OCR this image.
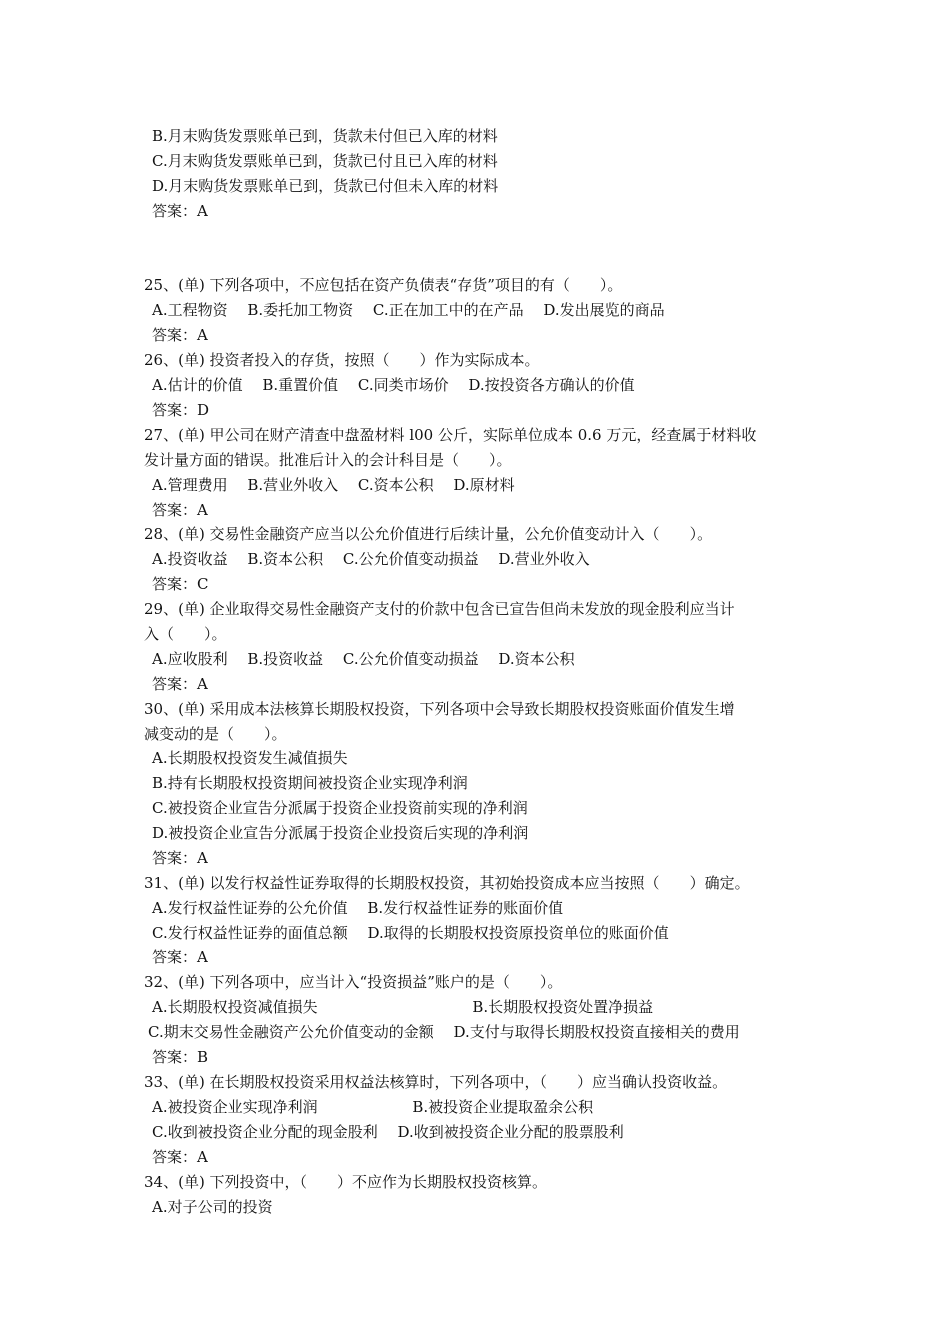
B.月末购货发票账单已到，货款未付但已入库的材料
C.月末购货发票账单已到，货款已付且已入库的材料
D.月末购货发票账单已到，货款已付但未入库的材料
答案：A
25、(单) 下列各项中，不应包括在资产负债表“存货”项目的有（　　）。
A.工程物资　 B.委托加工物资　 C.正在加工中的在产品　 D.发出展览的商品
答案：A
26、(单) 投资者投入的存货，按照（　　）作为实际成本。
A.估计的价值　 B.重置价值　 C.同类市场价　 D.按投资各方确认的价值
答案：D
27、(单) 甲公司在财产清查中盘盈材料 l00 公斤，实际单位成本 0.6 万元，经查属于材料收
发计量方面的错误。批准后计入的会计科目是（　　）。
A.管理费用　 B.营业外收入　 C.资本公积　 D.原材料
答案：A
28、(单) 交易性金融资产应当以公允价值进行后续计量，公允价值变动计入（　　）。
A.投资收益　 B.资本公积　 C.公允价值变动损益　 D.营业外收入
答案：C
29、(单) 企业取得交易性金融资产支付的价款中包含已宣告但尚未发放的现金股利应当计
入（　　）。
A.应收股利　 B.投资收益　 C.公允价值变动损益　 D.资本公积
答案：A
30、(单) 采用成本法核算长期股权投资，下列各项中会导致长期股权投资账面价值发生增
减变动的是（　　）。
A.长期股权投资发生减值损失
B.持有长期股权投资期间被投资企业实现净利润
C.被投资企业宣告分派属于投资企业投资前实现的净利润
D.被投资企业宣告分派属于投资企业投资后实现的净利润
答案：A
31、(单) 以发行权益性证券取得的长期股权投资，其初始投资成本应当按照（　　）确定。
A.发行权益性证券的公允价值　 B.发行权益性证券的账面价值
C.发行权益性证券的面值总额　 D.取得的长期股权投资原投资单位的账面价值
答案：A
32、(单) 下列各项中，应当计入“投资损益”账户的是（　　）。
A.长期股权投资减值损失　　　　　　　　　　 B.长期股权投资处置净损益
C.期末交易性金融资产公允价值变动的金额　 D.支付与取得长期股权投资直接相关的费用
答案：B
33、(单) 在长期股权投资采用权益法核算时，下列各项中，（　　）应当确认投资收益。
A.被投资企业实现净利润　　　　　　 B.被投资企业提取盈余公积
C.收到被投资企业分配的现金股利　 D.收到被投资企业分配的股票股利
答案：A
34、(单) 下列投资中，（　　）不应作为长期股权投资核算。
A.对子公司的投资
